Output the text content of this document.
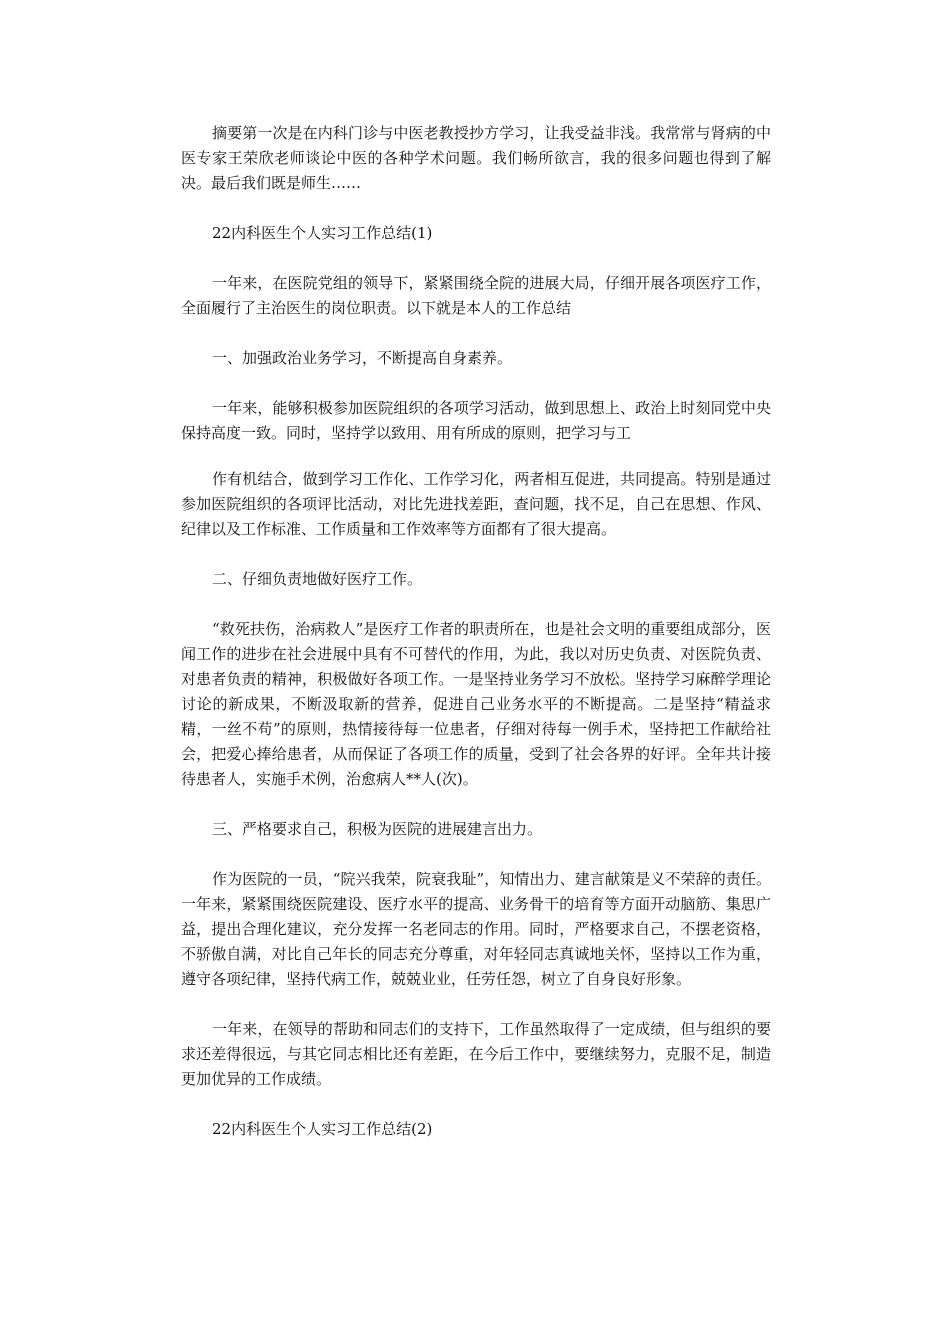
摘要第一次是在内科门诊与中医老教授抄方学习，让我受益非浅。我常常与肾病的中医专家王荣欣老师谈论中医的各种学术问题。我们畅所欲言，我的很多问题也得到了解决。最后我们既是师生……

22内科医生个人实习工作总结(1)

一年来，在医院党组的领导下，紧紧围绕全院的进展大局，仔细开展各项医疗工作，全面履行了主治医生的岗位职责。以下就是本人的工作总结

一、加强政治业务学习，不断提高自身素养。

一年来，能够积极参加医院组织的各项学习活动，做到思想上、政治上时刻同党中央保持高度一致。同时，坚持学以致用、用有所成的原则，把学习与工

作有机结合，做到学习工作化、工作学习化，两者相互促进，共同提高。特别是通过参加医院组织的各项评比活动，对比先进找差距，查问题，找不足，自己在思想、作风、纪律以及工作标准、工作质量和工作效率等方面都有了很大提高。

二、仔细负责地做好医疗工作。

“救死扶伤，治病救人”是医疗工作者的职责所在，也是社会文明的重要组成部分，医闻工作的进步在社会进展中具有不可替代的作用，为此，我以对历史负责、对医院负责、对患者负责的精神，积极做好各项工作。一是坚持业务学习不放松。坚持学习麻醉学理论讨论的新成果，不断汲取新的营养，促进自己业务水平的不断提高。二是坚持“精益求精，一丝不苟”的原则，热情接待每一位患者，仔细对待每一例手术，坚持把工作献给社会，把爱心捧给患者，从而保证了各项工作的质量，受到了社会各界的好评。全年共计接待患者人，实施手术例，治愈病人**人(次)。

三、严格要求自己，积极为医院的进展建言出力。

作为医院的一员，“院兴我荣，院衰我耻”，知情出力、建言献策是义不荣辞的责任。一年来，紧紧围绕医院建设、医疗水平的提高、业务骨干的培育等方面开动脑筋、集思广益，提出合理化建议，充分发挥一名老同志的作用。同时，严格要求自己，不摆老资格，不骄傲自满，对比自己年长的同志充分尊重，对年轻同志真诚地关怀，坚持以工作为重，遵守各项纪律，坚持代病工作，兢兢业业，任劳任怨，树立了自身良好形象。

一年来，在领导的帮助和同志们的支持下，工作虽然取得了一定成绩，但与组织的要求还差得很远，与其它同志相比还有差距，在今后工作中，要继续努力，克服不足，制造更加优异的工作成绩。

22内科医生个人实习工作总结(2)
